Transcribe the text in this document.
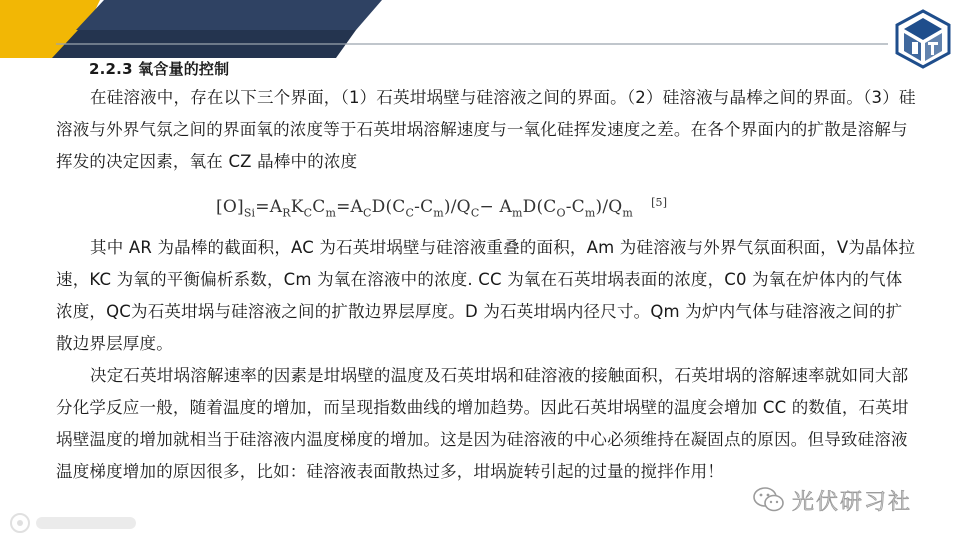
2.2.3 氧含量的控制

在硅溶液中，存在以下三个界面，（1）石英坩埚壁与硅溶液之间的界面。（2）硅溶液与晶棒之间的界面。（3）硅溶液与外界气氛之间的界面氧的浓度等于石英坩埚溶解速度与一氧化硅挥发速度之差。在各个界面内的扩散是溶解与挥发的决定因素，氧在 CZ 晶棒中的浓度

$[O]_{Si}=A_RK_CC_m=A_CD(C_C-C_m)/Q_C- A_mD(C_O-C_m)/Q_m[5]$

其中 AR 为晶棒的截面积，AC 为石英坩埚壁与硅溶液重叠的面积，Am 为硅溶液与外界气氛面积面，V为晶体拉速，KC 为氧的平衡偏析系数，Cm 为氧在溶液中的浓度. CC 为氧在石英坩埚表面的浓度，C0 为氧在炉体内的气体浓度，QC为石英坩埚与硅溶液之间的扩散边界层厚度。D 为石英坩埚内径尺寸。Qm 为炉内气体与硅溶液之间的扩散边界层厚度。

决定石英坩埚溶解速率的因素是坩埚壁的温度及石英坩埚和硅溶液的接触面积，石英坩埚的溶解速率就如同大部分化学反应一般，随着温度的增加，而呈现指数曲线的增加趋势。因此石英坩埚壁的温度会增加 CC 的数值，石英坩埚壁温度的增加就相当于硅溶液内温度梯度的增加。这是因为硅溶液的中心必须维持在凝固点的原因。但导致硅溶液温度梯度增加的原因很多，比如：硅溶液表面散热过多，坩埚旋转引起的过量的搅拌作用！

光伏研习社
